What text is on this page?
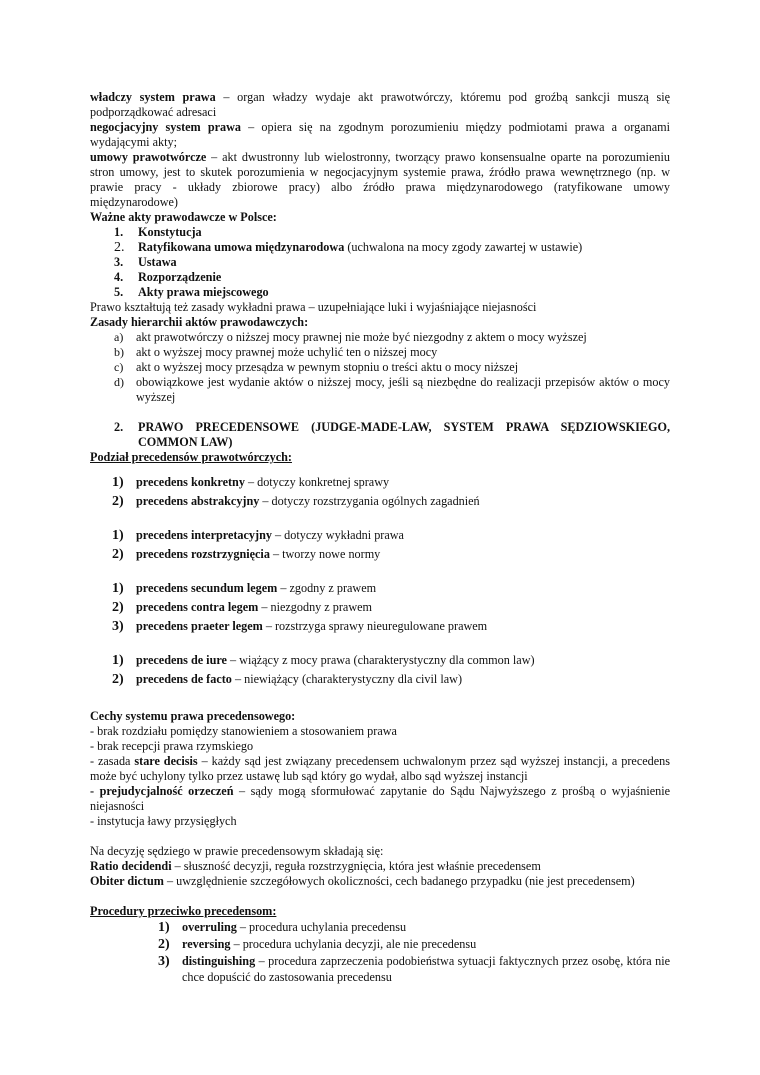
władczy system prawa – organ władzy wydaje akt prawotwórczy, któremu pod groźbą sankcji muszą się podporządkować adresaci

negocjacyjny system prawa – opiera się na zgodnym porozumieniu między podmiotami prawa a organami wydającymi akty;

umowy prawotwórcze – akt dwustronny lub wielostronny, tworzący prawo konsensualne oparte na porozumieniu stron umowy, jest to skutek porozumienia w negocjacyjnym systemie prawa, źródło prawa wewnętrznego (np. w prawie pracy - układy zbiorowe pracy) albo źródło prawa międzynarodowego (ratyfikowane umowy międzynarodowe)

Ważne akty prawodawcze w Polsce:

1.	Konstytucja
2.	Ratyfikowana umowa międzynarodowa (uchwalona na mocy zgody zawartej w ustawie)
3.	Ustawa
4.	Rozporządzenie
5.	Akty prawa miejscowego

Prawo kształtują też zasady wykładni prawa – uzupełniające luki i wyjaśniające niejasności

Zasady hierarchii aktów prawodawczych:

a)	akt prawotwórczy o niższej mocy prawnej nie może być niezgodny z aktem o mocy wyższej
b) akt o wyższej mocy prawnej może uchylić ten o niższej mocy
c)	akt o wyższej mocy przesądza w pewnym stopniu o treści aktu o mocy niższej
d) obowiązkowe jest wydanie aktów o niższej mocy, jeśli są niezbędne do realizacji przepisów aktów o mocy wyższej
2.	PRAWO PRECEDENSOWE (JUDGE-MADE-LAW, SYSTEM PRAWA SĘDZIOWSKIEGO, COMMON LAW)

Podział precedensów prawotwórczych:

1)	precedens konkretny – dotyczy konkretnej sprawy
2)	precedens abstrakcyjny – dotyczy rozstrzygania ogólnych zagadnień
1)	precedens interpretacyjny – dotyczy wykładni prawa
2)	precedens rozstrzygnięcia – tworzy nowe normy
1)	precedens secundum legem – zgodny z prawem
2)	precedens contra legem – niezgodny z prawem
3)	precedens praeter legem – rozstrzyga sprawy nieuregulowane prawem
1)	precedens de iure – wiążący z mocy prawa (charakterystyczny dla common law)
2)	precedens de facto – niewiążący (charakterystyczny dla civil law)

Cechy systemu prawa precedensowego:

- brak rozdziału pomiędzy stanowieniem a stosowaniem prawa

- brak recepcji prawa rzymskiego

- zasada stare decisis – każdy sąd jest związany precedensem uchwalonym przez sąd wyższej instancji, a precedens może być uchylony tylko przez ustawę lub sąd który go wydał, albo sąd wyższej instancji

- prejudycjalność orzeczeń – sądy mogą sformułować zapytanie do Sądu Najwyższego z prośbą o wyjaśnienie niejasności

- instytucja ławy przysięgłych

Na decyzję sędziego w prawie precedensowym składają się:

Ratio decidendi – słuszność decyzji, reguła rozstrzygnięcia, która jest właśnie precedensem

Obiter dictum – uwzględnienie szczegółowych okoliczności, cech badanego przypadku (nie jest precedensem)

Procedury przeciwko precedensom:

1)	overruling – procedura uchylania precedensu
2)	reversing – procedura uchylania decyzji, ale nie precedensu
3)	distinguishing – procedura zaprzeczenia podobieństwa sytuacji faktycznych przez osobę, która nie chce dopuścić do zastosowania precedensu
